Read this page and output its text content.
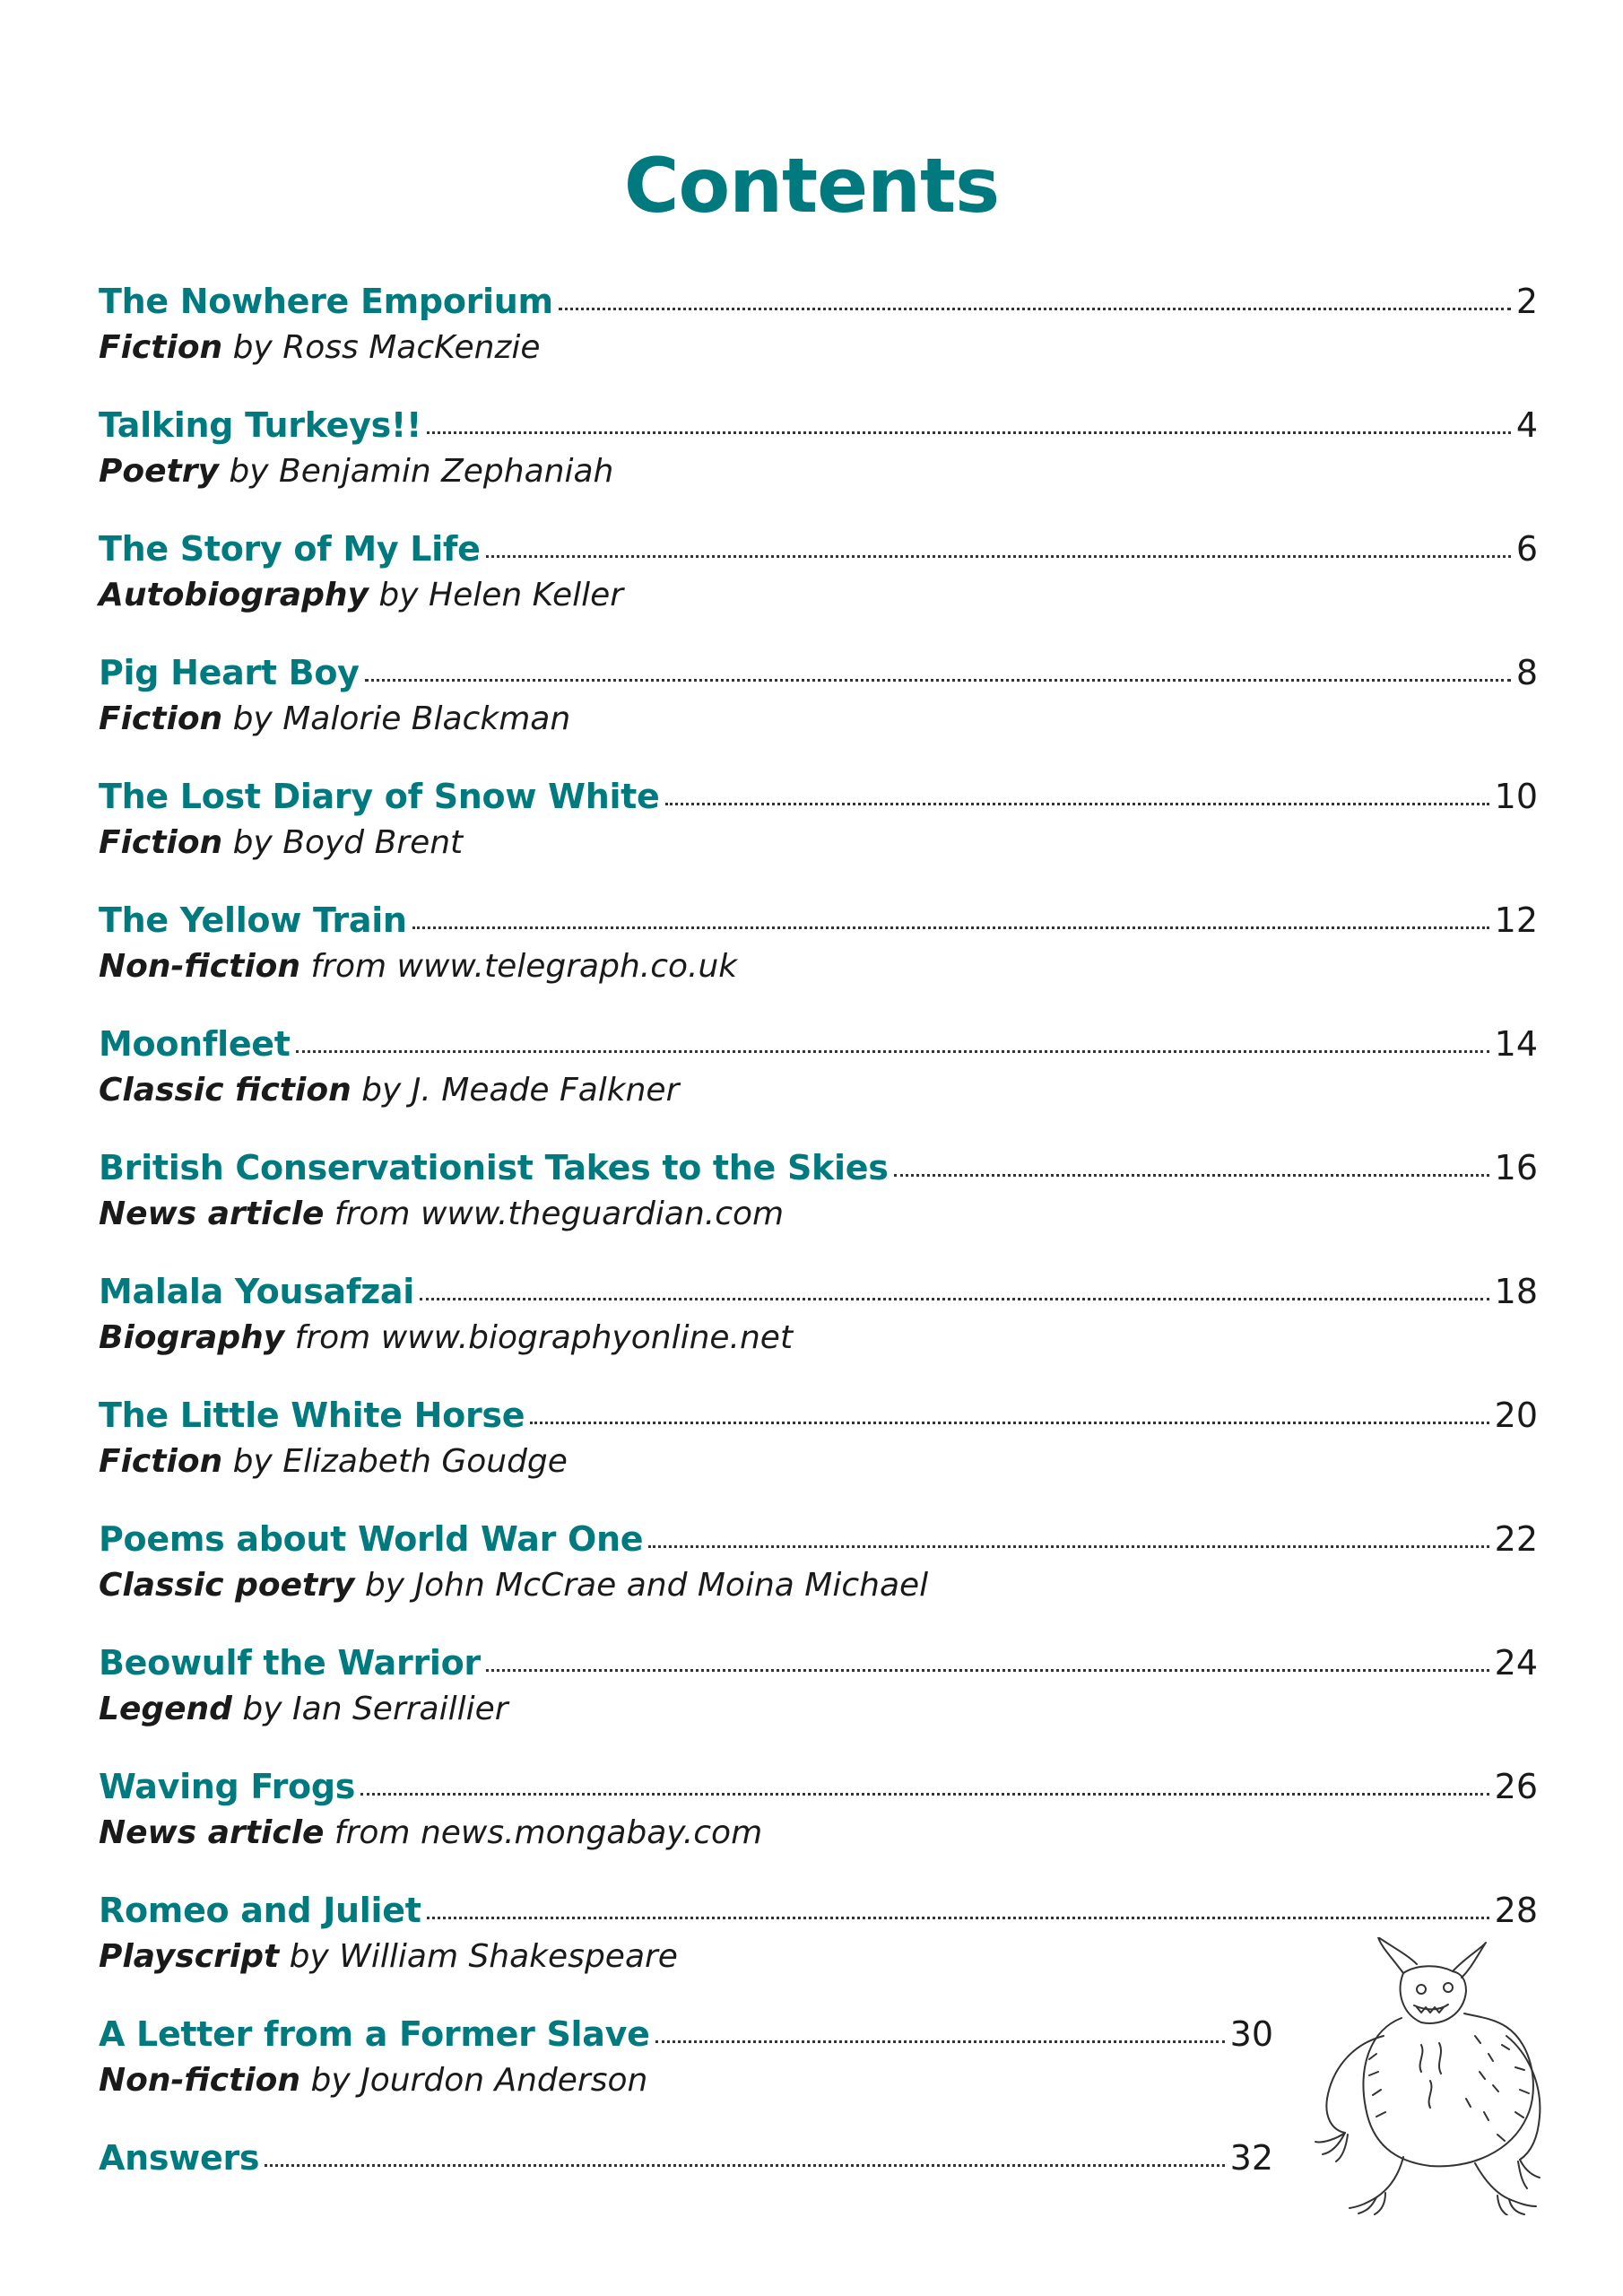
Contents
The Nowhere Emporium	2
Fiction by Ross MacKenzie
Talking Turkeys!!	4
Poetry by Benjamin Zephaniah
The Story of My Life	6
Autobiography by Helen Keller
Pig Heart Boy	8
Fiction by Malorie Blackman
The Lost Diary of Snow White	10
Fiction by Boyd Brent
The Yellow Train	12
Non-fiction from www.telegraph.co.uk
Moonfleet	14
Classic fiction by J. Meade Falkner
British Conservationist Takes to the Skies	16
News article from www.theguardian.com
Malala Yousafzai	18
Biography from www.biographyonline.net
The Little White Horse	20
Fiction by Elizabeth Goudge
Poems about World War One	22
Classic poetry by John McCrae and Moina Michael
Beowulf the Warrior	24
Legend by Ian Serraillier
Waving Frogs	26
News article from news.mongabay.com
Romeo and Juliet	28
Playscript by William Shakespeare
A Letter from a Former Slave	30
Non-fiction by Jourdon Anderson
Answers	32
